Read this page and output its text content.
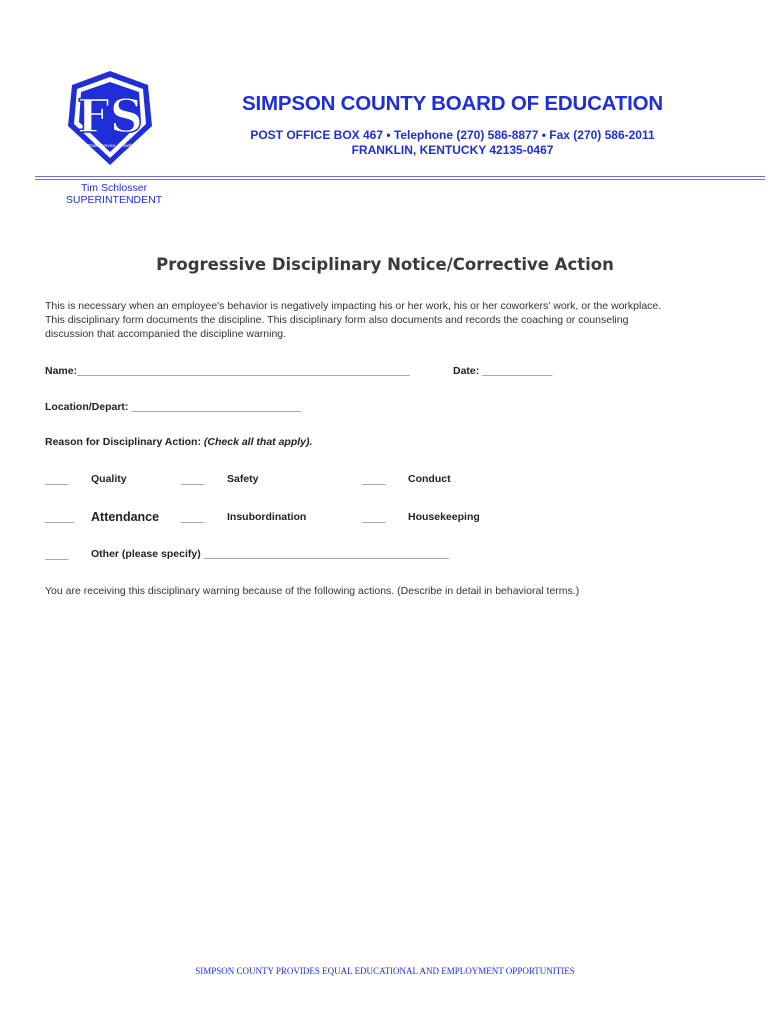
FS
Pride, Service, Growth
SIMPSON COUNTY BOARD OF EDUCATION
POST OFFICE BOX 467 • Telephone (270) 586-8877 • Fax (270) 586-2011
FRANKLIN, KENTUCKY 42135-0467
Tim Schlosser
SUPERINTENDENT
Progressive Disciplinary Notice/Corrective Action
This is necessary when an employee's behavior is negatively impacting his or her work, his or her coworkers' work, or the workplace.
This disciplinary form documents the discipline. This disciplinary form also documents and records the coaching or counseling
discussion that accompanied the discipline warning.
Name:_________________________________________________________	Date: ____________
Location/Depart: _____________________________
Reason for Disciplinary Action: (Check all that apply).
____ Quality	____ Safety	____ Conduct
_____ Attendance ____ Insubordination	____ Housekeeping
____ Other (please specify) __________________________________________
You are receiving this disciplinary warning because of the following actions. (Describe in detail in behavioral terms.)
SIMPSON COUNTY PROVIDES EQUAL EDUCATIONAL AND EMPLOYMENT OPPORTUNITIES
